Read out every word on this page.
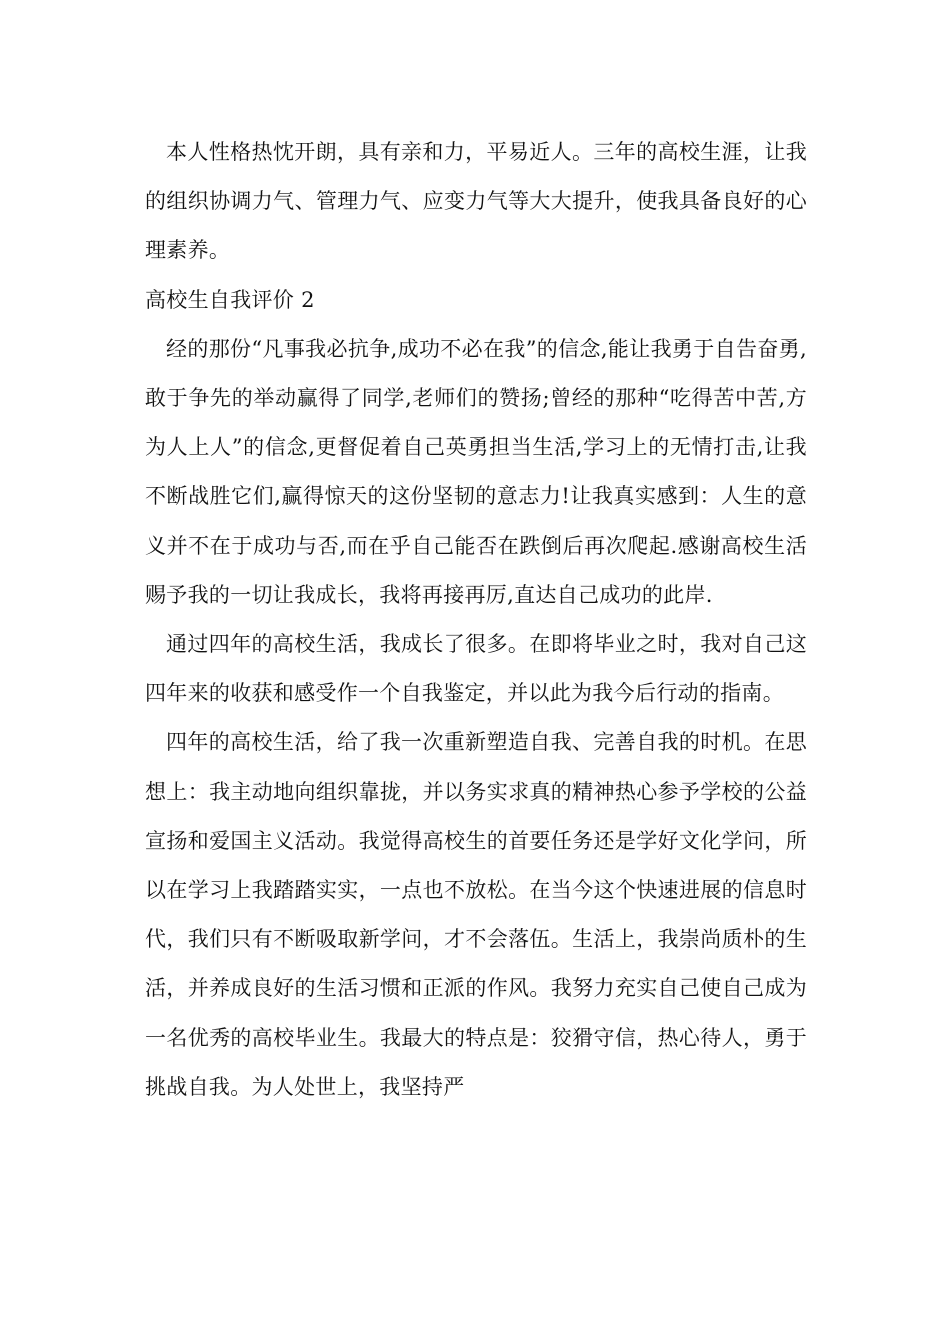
本人性格热忱开朗，具有亲和力，平易近人。三年的高校生涯，让我的组织协调力气、管理力气、应变力气等大大提升，使我具备良好的心理素养。

高校生自我评价 2

经的那份“凡事我必抗争,成功不必在我”的信念,能让我勇于自告奋勇,敢于争先的举动赢得了同学,老师们的赞扬;曾经的那种“吃得苦中苦,方为人上人”的信念,更督促着自己英勇担当生活,学习上的无情打击,让我不断战胜它们,赢得惊天的这份坚韧的意志力!让我真实感到：人生的意义并不在于成功与否,而在乎自己能否在跌倒后再次爬起.感谢高校生活赐予我的一切让我成长，我将再接再厉,直达自己成功的此岸.

通过四年的高校生活，我成长了很多。在即将毕业之时，我对自己这四年来的收获和感受作一个自我鉴定，并以此为我今后行动的指南。

四年的高校生活，给了我一次重新塑造自我、完善自我的时机。在思想上：我主动地向组织靠拢，并以务实求真的精神热心参予学校的公益宣扬和爱国主义活动。我觉得高校生的首要任务还是学好文化学问，所以在学习上我踏踏实实，一点也不放松。在当今这个快速进展的信息时代，我们只有不断吸取新学问，才不会落伍。生活上，我崇尚质朴的生活，并养成良好的生活习惯和正派的作风。我努力充实自己使自己成为一名优秀的高校毕业生。我最大的特点是：狡猾守信，热心待人，勇于挑战自我。为人处世上，我坚持严
